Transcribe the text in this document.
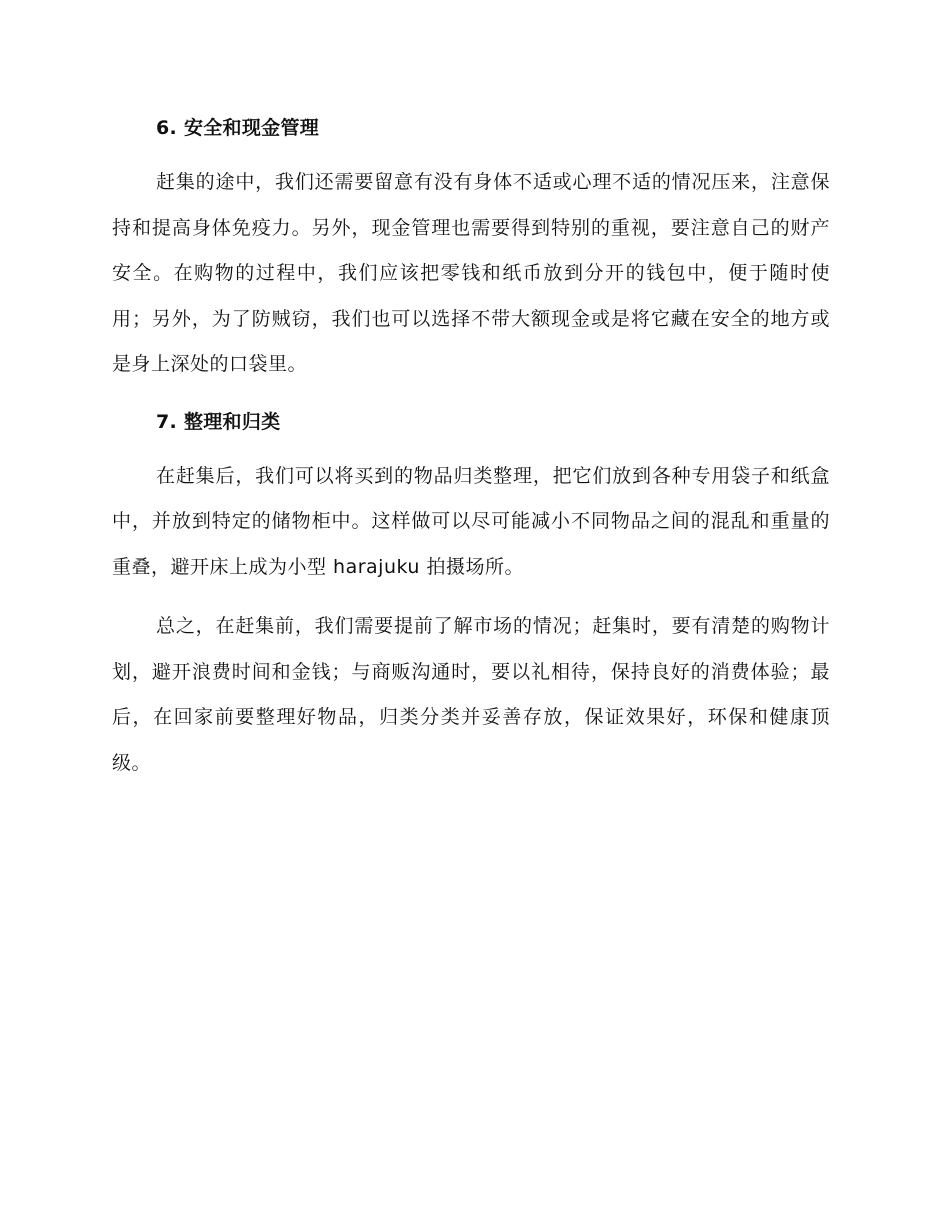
6. 安全和现金管理

赶集的途中，我们还需要留意有没有身体不适或心理不适的情况压来，注意保持和提高身体免疫力。另外，现金管理也需要得到特别的重视，要注意自己的财产安全。在购物的过程中，我们应该把零钱和纸币放到分开的钱包中，便于随时使用；另外，为了防贼窃，我们也可以选择不带大额现金或是将它藏在安全的地方或是身上深处的口袋里。

7. 整理和归类

在赶集后，我们可以将买到的物品归类整理，把它们放到各种专用袋子和纸盒中，并放到特定的储物柜中。这样做可以尽可能减小不同物品之间的混乱和重量的重叠，避开床上成为小型 harajuku 拍摄场所。

总之，在赶集前，我们需要提前了解市场的情况；赶集时，要有清楚的购物计划，避开浪费时间和金钱；与商贩沟通时，要以礼相待，保持良好的消费体验；最后，在回家前要整理好物品，归类分类并妥善存放，保证效果好，环保和健康顶级。
